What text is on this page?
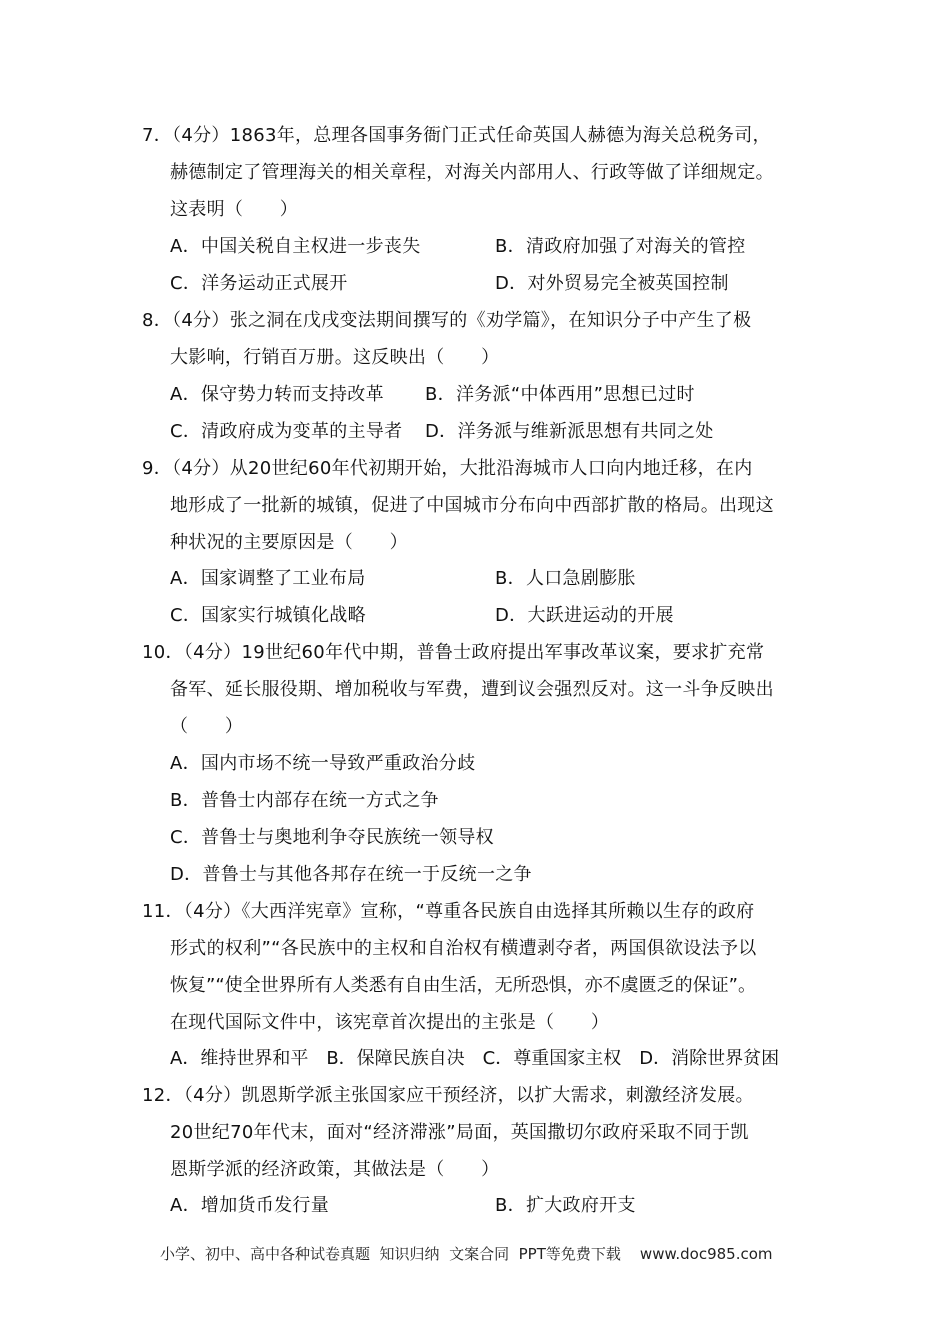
7．（4分）1863年，总理各国事务衙门正式任命英国人赫德为海关总税务司，
赫德制定了管理海关的相关章程，对海关内部用人、行政等做了详细规定。
这表明（　　）
A．中国关税自主权进一步丧失	B．清政府加强了对海关的管控
C．洋务运动正式展开	D．对外贸易完全被英国控制
8．（4分）张之洞在戊戌变法期间撰写的《劝学篇》，在知识分子中产生了极
大影响，行销百万册。这反映出（　　）
A．保守势力转而支持改革 B．洋务派“中体西用”思想已过时
C．清政府成为变革的主导者 D．洋务派与维新派思想有共同之处
9．（4分）从20世纪60年代初期开始，大批沿海城市人口向内地迁移，在内
地形成了一批新的城镇，促进了中国城市分布向中西部扩散的格局。出现这
种状况的主要原因是（　　）
A．国家调整了工业布局	B．人口急剧膨胀
C．国家实行城镇化战略	D．大跃进运动的开展
10．（4分）19世纪60年代中期，普鲁士政府提出军事改革议案，要求扩充常
备军、延长服役期、增加税收与军费，遭到议会强烈反对。这一斗争反映出
（　　）
A．国内市场不统一导致严重政治分歧
B．普鲁士内部存在统一方式之争
C．普鲁士与奥地利争夺民族统一领导权
D．普鲁士与其他各邦存在统一于反统一之争
11．（4分）《大西洋宪章》宣称，“尊重各民族自由选择其所赖以生存的政府
形式的权利”“各民族中的主权和自治权有横遭剥夺者，两国俱欲设法予以
恢复”“使全世界所有人类悉有自由生活，无所恐惧，亦不虞匮乏的保证”。
在现代国际文件中，该宪章首次提出的主张是（　　）
A．维持世界和平　B．保障民族自决　C．尊重国家主权　D．消除世界贫困
12．（4分）凯恩斯学派主张国家应干预经济，以扩大需求，刺激经济发展。
20世纪70年代末，面对“经济滞涨”局面，英国撒切尔政府采取不同于凯
恩斯学派的经济政策，其做法是（　　）
A．增加货币发行量	B．扩大政府开支
小学、初中、高中各种试卷真题  知识归纳  文案合同  PPT等免费下载    www.doc985.com
